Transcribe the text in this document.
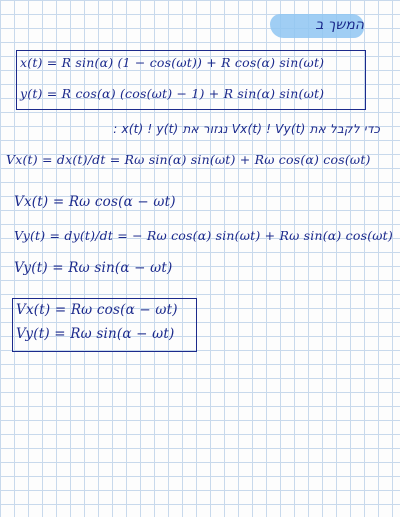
המשך ב
x(t) = R sin(α) (1 − cos(ωt)) + R cos(α) sin(ωt)
y(t) = R cos(α) (cos(ωt) − 1) + R sin(α) sin(ωt)
כדי לקבל את Vx(t) ! Vy(t) נגזור את x(t) ! y(t) :
Vx(t) = dx(t)/dt = Rω sin(α) sin(ωt) + Rω cos(α) cos(ωt)
Vx(t) = Rω cos(α − ωt)
Vy(t) = dy(t)/dt = − Rω cos(α) sin(ωt) + Rω sin(α) cos(ωt)
Vy(t) = Rω sin(α − ωt)
Vx(t) = Rω cos(α − ωt)
Vy(t) = Rω sin(α − ωt)
